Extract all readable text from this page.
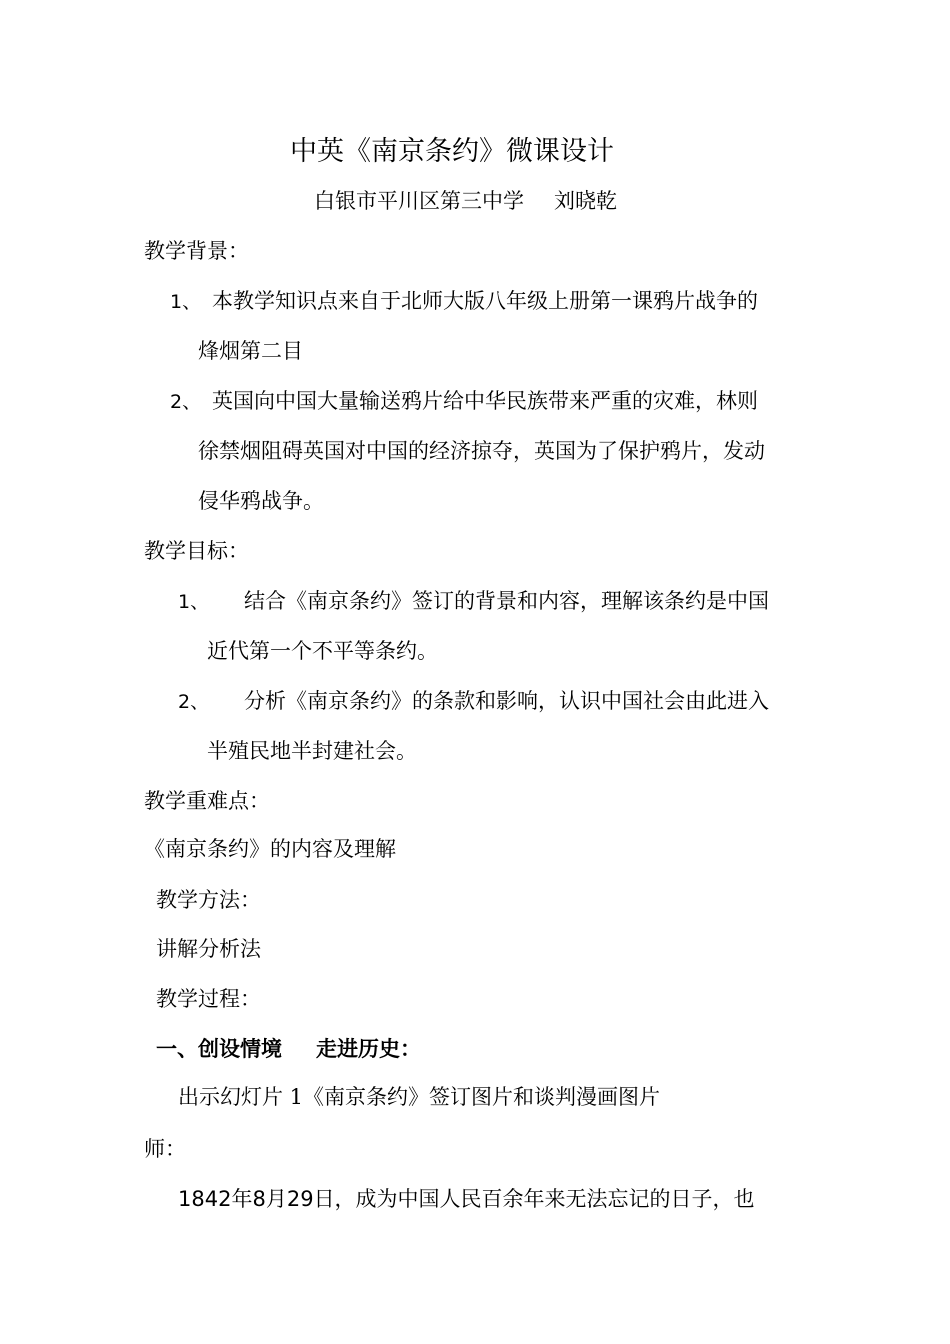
中英《南京条约》微课设计
白银市平川区第三中学 刘晓乾
教学背景：
1、 本教学知识点来自于北师大版八年级上册第一课鸦片战争的
烽烟第二目
2、 英国向中国大量输送鸦片给中华民族带来严重的灾难，林则
徐禁烟阻碍英国对中国的经济掠夺，英国为了保护鸦片，发动
侵华鸦战争。
教学目标：
1、 结合《南京条约》签订的背景和内容，理解该条约是中国
近代第一个不平等条约。
2、 分析《南京条约》的条款和影响，认识中国社会由此进入
半殖民地半封建社会。
教学重难点：
《南京条约》的内容及理解
教学方法：
讲解分析法
教学过程：
一、创设情境 走进历史：
出示幻灯片 1《南京条约》签订图片和谈判漫画图片
师：
1842年8月29日，成为中国人民百余年来无法忘记的日子，也
